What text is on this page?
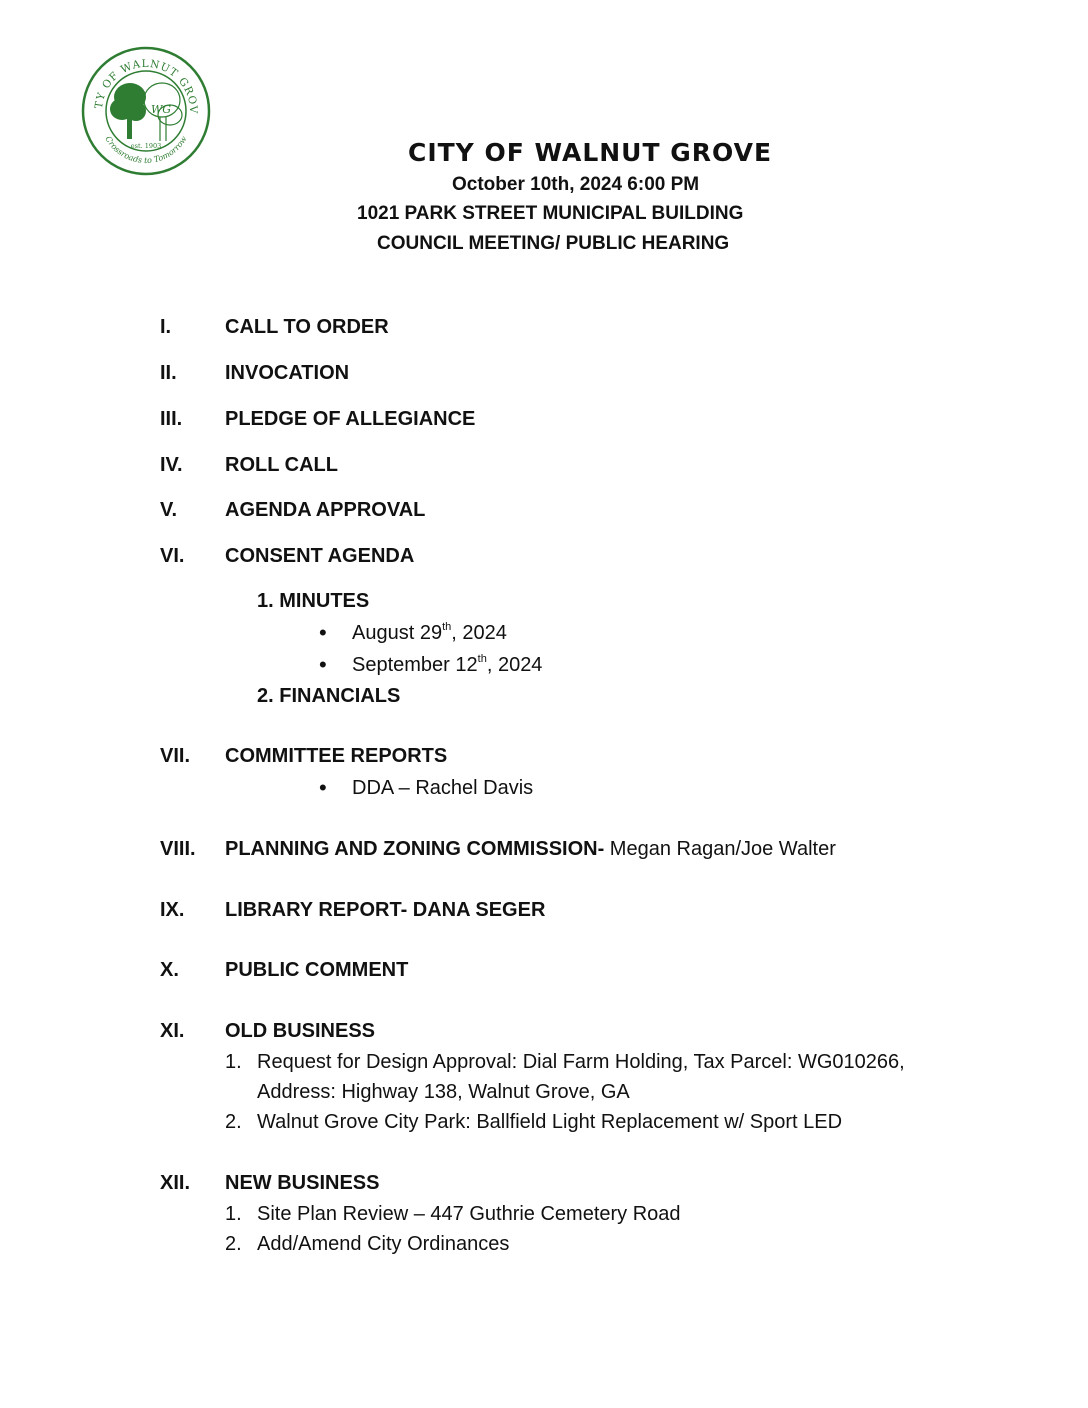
TY OF WALNUT GROV
Crossroads to Tomorrow
WG
est. 1903	CITY OF WALNUT GROVE
October 10th, 2024 6:00 PM
1021 PARK STREET MUNICIPAL BUILDING
COUNCIL MEETING/ PUBLIC HEARING
I.	CALL TO ORDER
II. INVOCATION
III. PLEDGE OF ALLEGIANCE
IV. ROLL CALL
V. AGENDA APPROVAL
VI. CONSENT AGENDA
1. MINUTES
• August 29th, 2024
• September 12th, 2024
2. FINANCIALS
VII. COMMITTEE REPORTS
• DDA – Rachel Davis
VIII. PLANNING AND ZONING COMMISSION- Megan Ragan/Joe Walter
IX. LIBRARY REPORT- DANA SEGER
X. PUBLIC COMMENT
XI. OLD BUSINESS
1. Request for Design Approval: Dial Farm Holding, Tax Parcel: WG010266,
Address: Highway 138, Walnut Grove, GA
2. Walnut Grove City Park: Ballfield Light Replacement w/ Sport LED
XII. NEW BUSINESS
1. Site Plan Review – 447 Guthrie Cemetery Road
2. Add/Amend City Ordinances
